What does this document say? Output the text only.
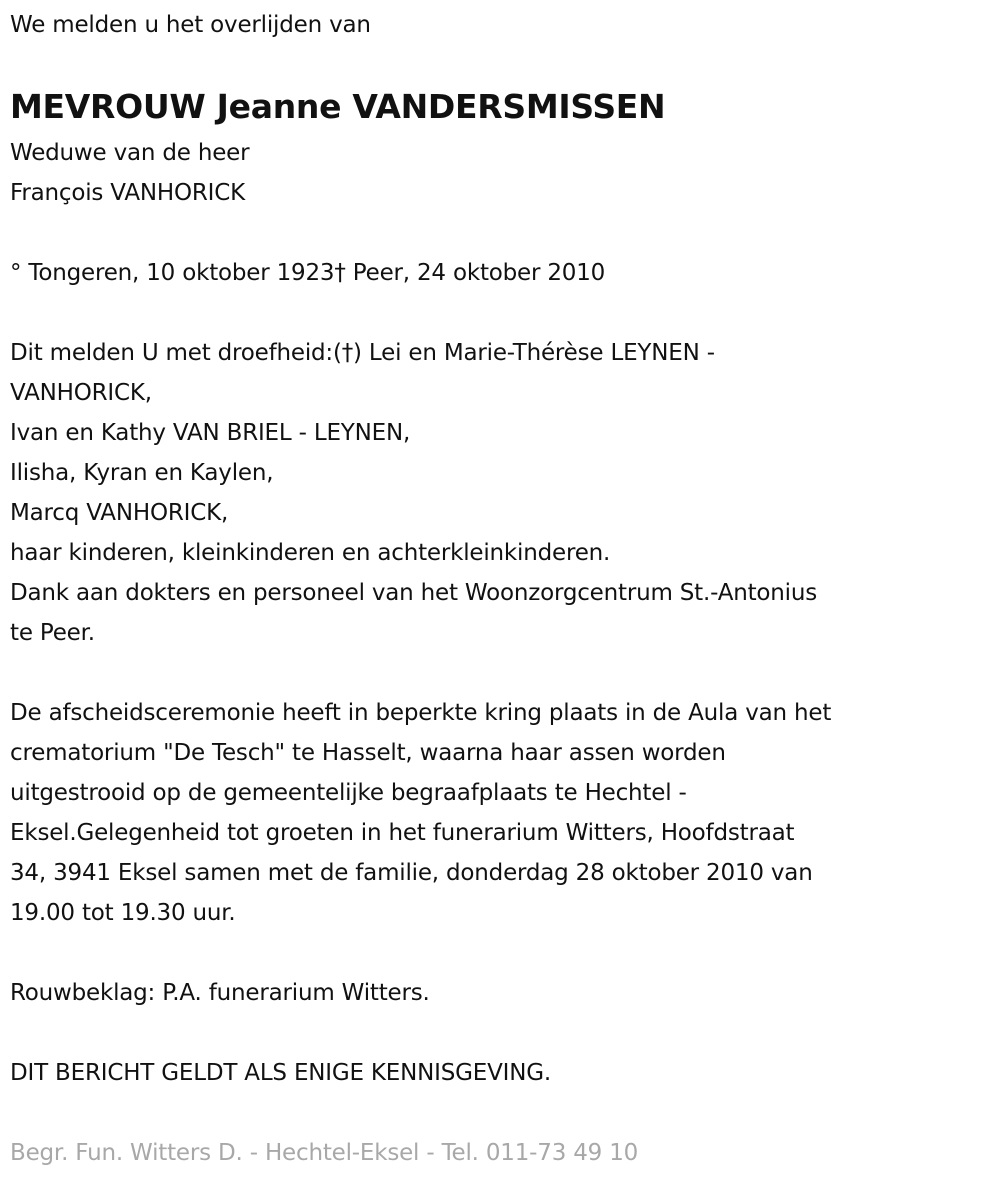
We melden u het overlijden van
MEVROUW Jeanne VANDERSMISSEN
Weduwe van de heer
François VANHORICK
° Tongeren, 10 oktober 1923† Peer, 24 oktober 2010
Dit melden U met droefheid:(†) Lei en Marie-Thérèse LEYNEN -
VANHORICK,
Ivan en Kathy VAN BRIEL - LEYNEN,
Ilisha, Kyran en Kaylen,
Marcq VANHORICK,
haar kinderen, kleinkinderen en achterkleinkinderen.
Dank aan dokters en personeel van het Woonzorgcentrum St.-Antonius
te Peer.
De afscheidsceremonie heeft in beperkte kring plaats in de Aula van het
crematorium "De Tesch" te Hasselt, waarna haar assen worden
uitgestrooid op de gemeentelijke begraafplaats te Hechtel -
Eksel.Gelegenheid tot groeten in het funerarium Witters, Hoofdstraat
34, 3941 Eksel samen met de familie, donderdag 28 oktober 2010 van
19.00 tot 19.30 uur.
Rouwbeklag: P.A. funerarium Witters.
DIT BERICHT GELDT ALS ENIGE KENNISGEVING.
Begr. Fun. Witters D. - Hechtel-Eksel - Tel. 011-73 49 10
